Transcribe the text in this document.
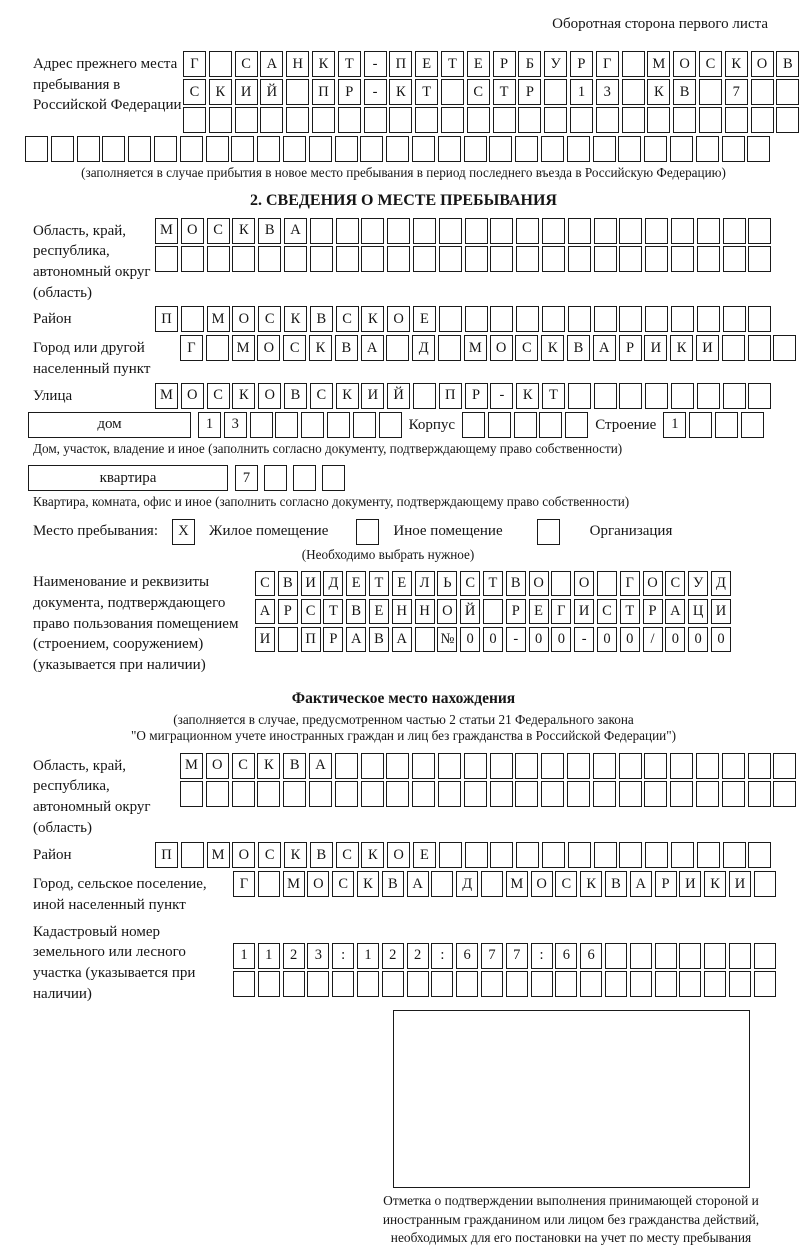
Оборотная сторона первого листа
Адрес прежнего места пребывания в Российской Федерации
Г	С	А	Н	К	Т	-	П	Е	Т	Е	Р	Б	У	Р	Г	М О	С	К	О	В
С	К	И	Й	П	Р	-	К	Т	С	Т	Р	1	3	К	В	7
(заполняется в случае прибытия в новое место пребывания в период последнего въезда в Российскую Федерацию)
2. СВЕДЕНИЯ О МЕСТЕ ПРЕБЫВАНИЯ
Область, край, республика, автономный округ (область)
М О	С	К	В	А
Район	П	М О	С	К	В	С	К	О	Е
Город или другой населенный пункт
Г	М О	С	К	В	А	Д	М О	С	К	В	А	Р	И	К	И
Улица	М О	С	К	О	В	С	К	И	Й	П	Р	-	К	Т
дом	1	3	Корпус	Строение	1
Дом, участок, владение и иное (заполнить согласно документу, подтверждающему право собственности)
квартира	7
Квартира, комната, офис и иное (заполнить согласно документу, подтверждающему право собственности)
Место пребывания:	X	Жилое помещение	Иное помещение	Организация
(Необходимо выбрать нужное)
Наименование и реквизиты документа, подтверждающего право пользования помещением (строением, сооружением) (указывается при наличии)
С В И Д Е Т Е Л Ь С Т В О	О	Г О С У Д
А Р С Т В Е Н Н О Й	Р Е Г И С Т Р А Ц И
И	П Р А В А	№ 0	0	-	0	0	-	0	0	/	0	0	0
Фактическое место нахождения
(заполняется в случае, предусмотренном частью 2 статьи 21 Федерального закона
"О миграционном учете иностранных граждан и лиц без гражданства в Российской Федерации")
Область, край, республика, автономный округ (область)
М О	С	К	В	А
Район	П	М О	С	К	В	С	К	О	Е
Город, сельское поселение, иной населенный пункт
Г	М О	С	К	В	А	Д	М О	С	К	В	А	Р	И	К	И
Кадастровый номер земельного или лесного участка (указывается при наличии)
1	1	2	3	:	1	2	2	:	6	7	7	:	6	6
Отметка о подтверждении выполнения принимающей стороной и иностранным гражданином или лицом без гражданства действий, необходимых для его постановки на учет по месту пребывания
